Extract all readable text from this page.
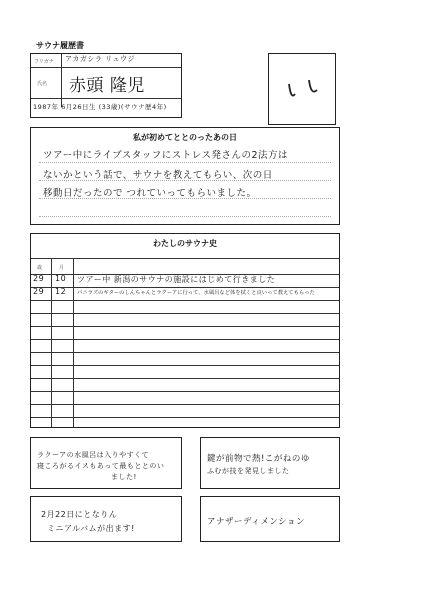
サウナ履歴書
フリガナ アカガシラ リュウジ
氏名 赤頭 隆児
1987年 6月26日生 (33歳)(サウナ歴4年)
私が初めてととのったあの日
ツアー中にライブスタッフにストレス発さんの2法方は
ないかという話で、サウナを教えてもらい、次の日
移動日だったので つれていってもらいました。
わたしのサウナ史
歳	月
29 10 ツアー中 新潟のサウナの施設にはじめて行きました
29 12 バニラズのギターのしんちゃんとラクーアに行って、水風呂など体を拭くと良いって教えてもらった
ラクーアの水風呂は入りやすくて
寝ころがるイスもあって最もととのい
ました!
鍵が前物で熱!こがねのゆ
ふむが技を発見しました
2月22日にとなりん
ミニアルバムが出ます!
アナザーディメンション
